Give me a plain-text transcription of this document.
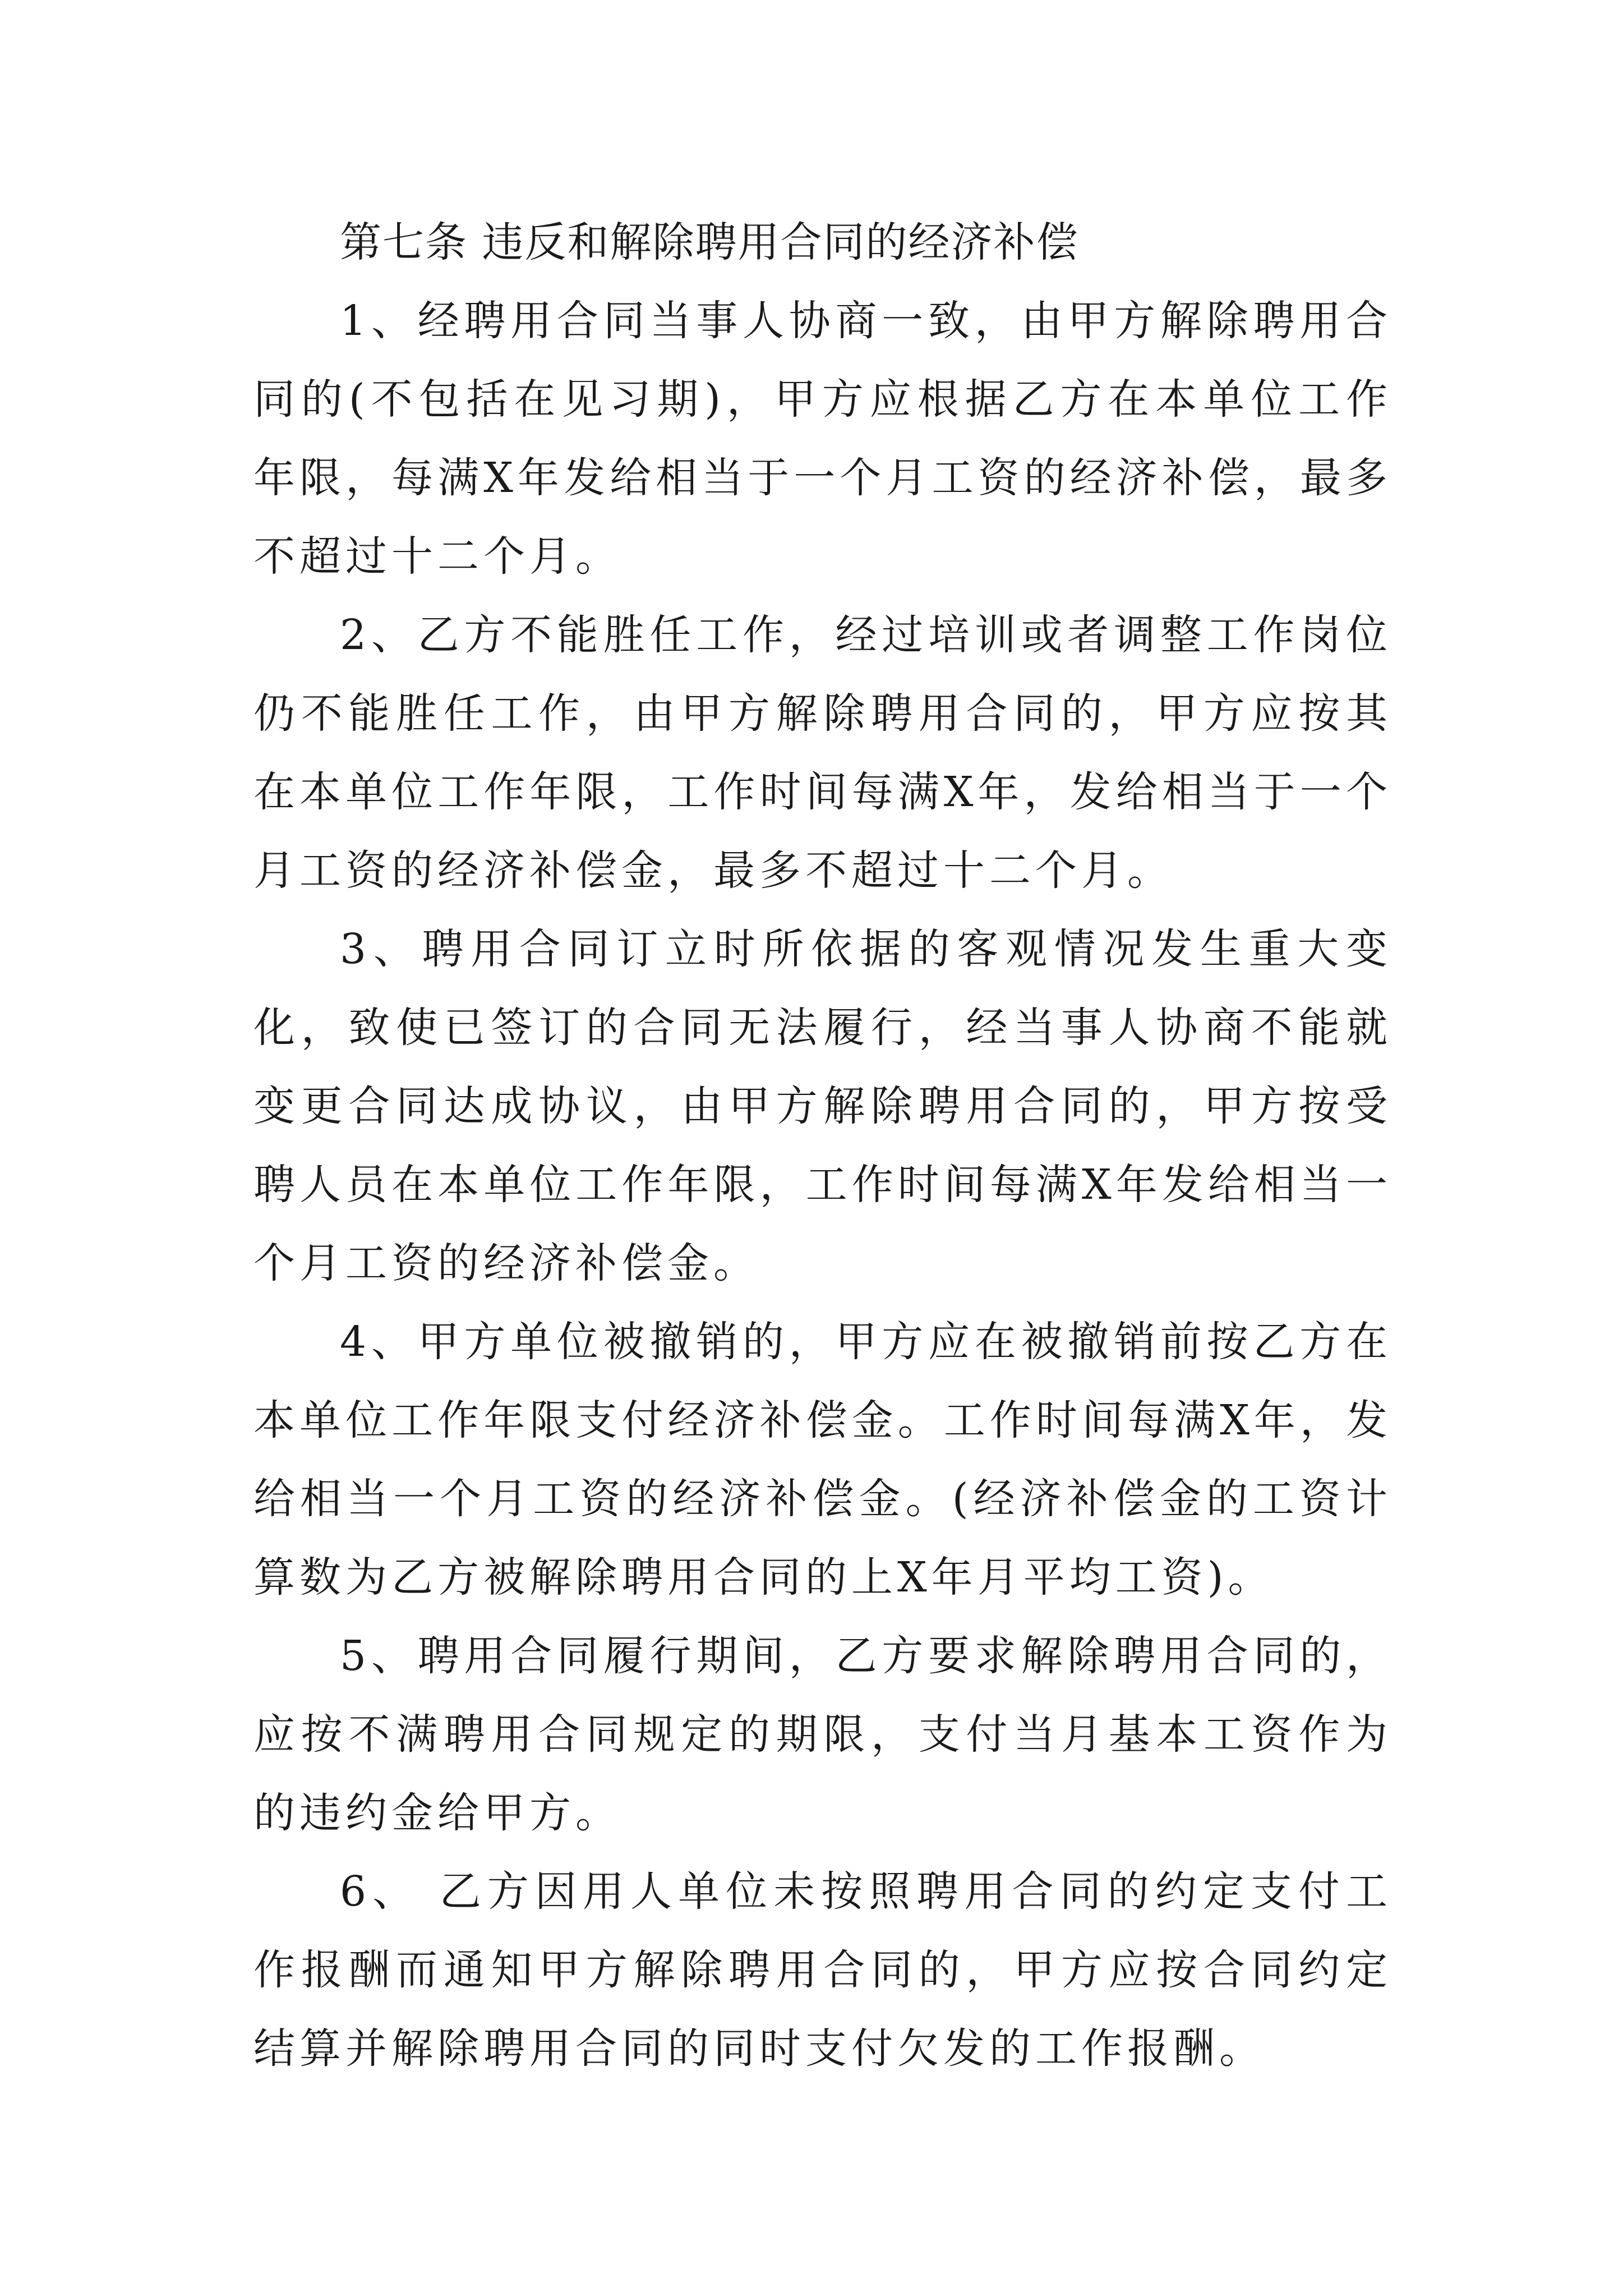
第七条 违反和解除聘用合同的经济补偿

1、经聘用合同当事人协商一致，由甲方解除聘用合同的(不包括在见习期)，甲方应根据乙方在本单位工作年限，每满X年发给相当于一个月工资的经济补偿，最多不超过十二个月。

2、乙方不能胜任工作，经过培训或者调整工作岗位仍不能胜任工作，由甲方解除聘用合同的，甲方应按其在本单位工作年限，工作时间每满X年，发给相当于一个月工资的经济补偿金，最多不超过十二个月。

3、聘用合同订立时所依据的客观情况发生重大变化，致使已签订的合同无法履行，经当事人协商不能就变更合同达成协议，由甲方解除聘用合同的，甲方按受聘人员在本单位工作年限，工作时间每满X年发给相当一个月工资的经济补偿金。

4、甲方单位被撤销的，甲方应在被撤销前按乙方在本单位工作年限支付经济补偿金。工作时间每满X年，发给相当一个月工资的经济补偿金。(经济补偿金的工资计算数为乙方被解除聘用合同的上X年月平均工资)。

5、聘用合同履行期间，乙方要求解除聘用合同的，应按不满聘用合同规定的期限，支付当月基本工资作为的违约金给甲方。

6、 乙方因用人单位未按照聘用合同的约定支付工作报酬而通知甲方解除聘用合同的，甲方应按合同约定结算并解除聘用合同的同时支付欠发的工作报酬。
